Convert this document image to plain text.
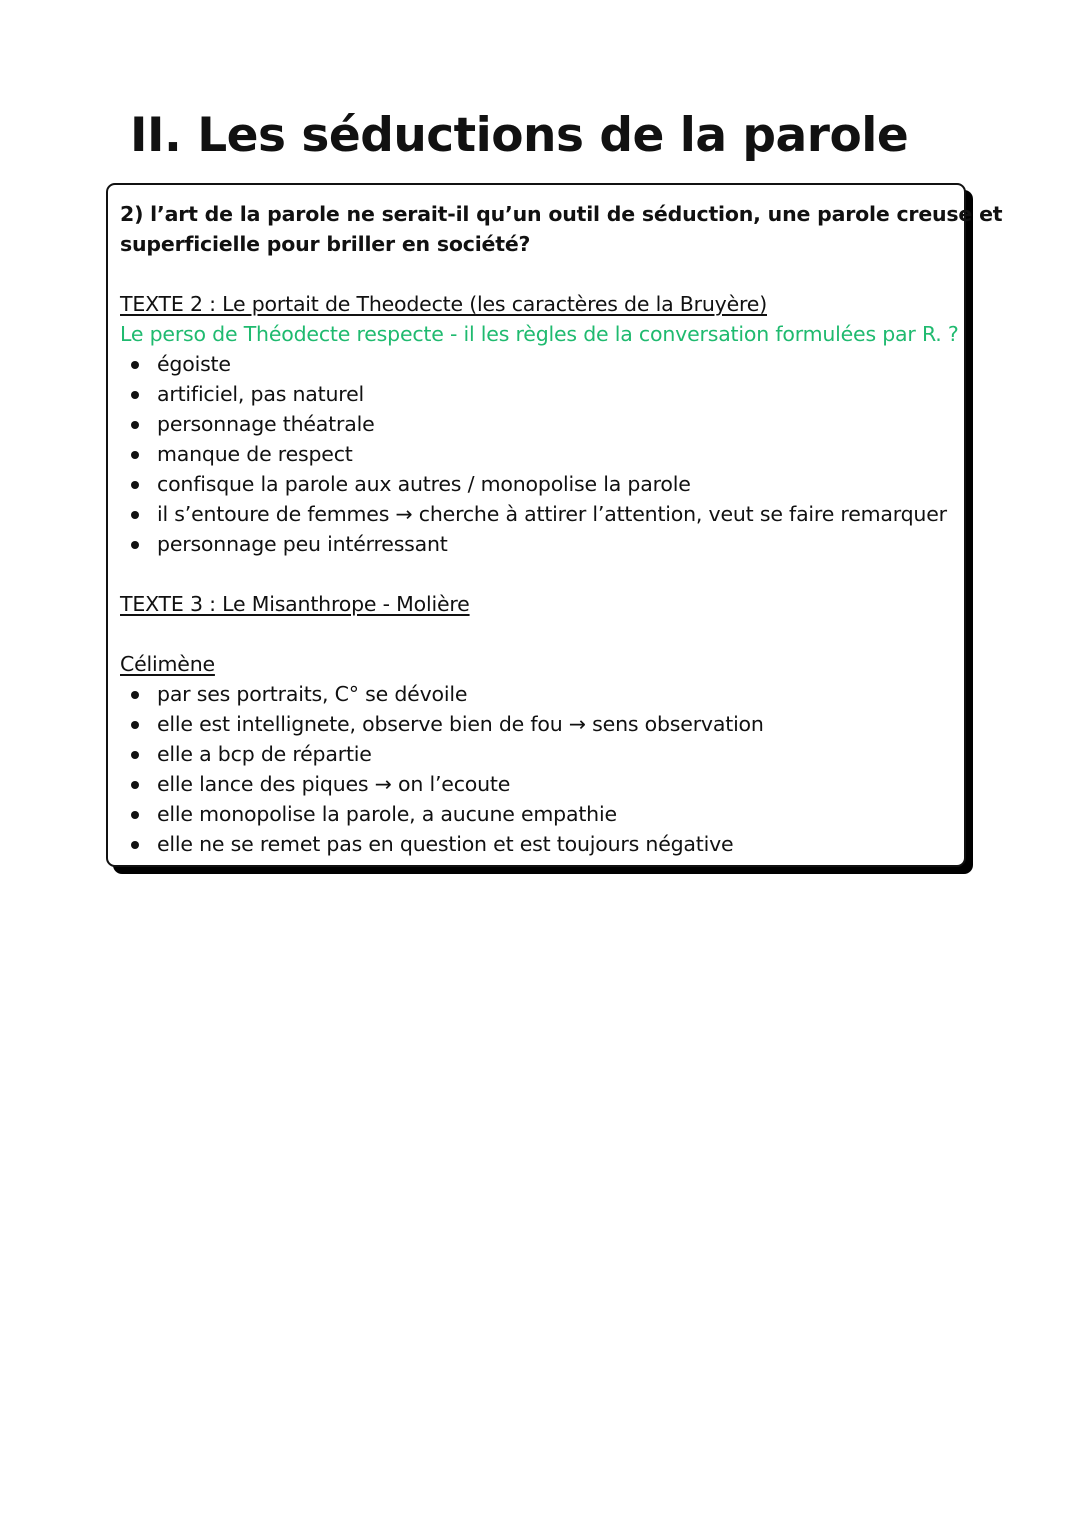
II. Les séductions de la parole
2) l’art de la parole ne serait-il qu’un outil de séduction, une parole creuse et
superficielle pour briller en société?
TEXTE 2 : Le portait de Theodecte (les caractères de la Bruyère)
Le perso de Théodecte respecte - il les règles de la conversation formulées par R. ?
égoiste
artificiel, pas naturel
personnage théatrale
manque de respect
confisque la parole aux autres / monopolise la parole
il s’entoure de femmes → cherche à attirer l’attention, veut se faire remarquer
personnage peu intérressant
TEXTE 3 : Le Misanthrope - Molière
Célimène
par ses portraits, C° se dévoile
elle est intellignete, observe bien de fou → sens observation
elle a bcp de répartie
elle lance des piques → on l’ecoute
elle monopolise la parole, a aucune empathie
elle ne se remet pas en question et est toujours négative
